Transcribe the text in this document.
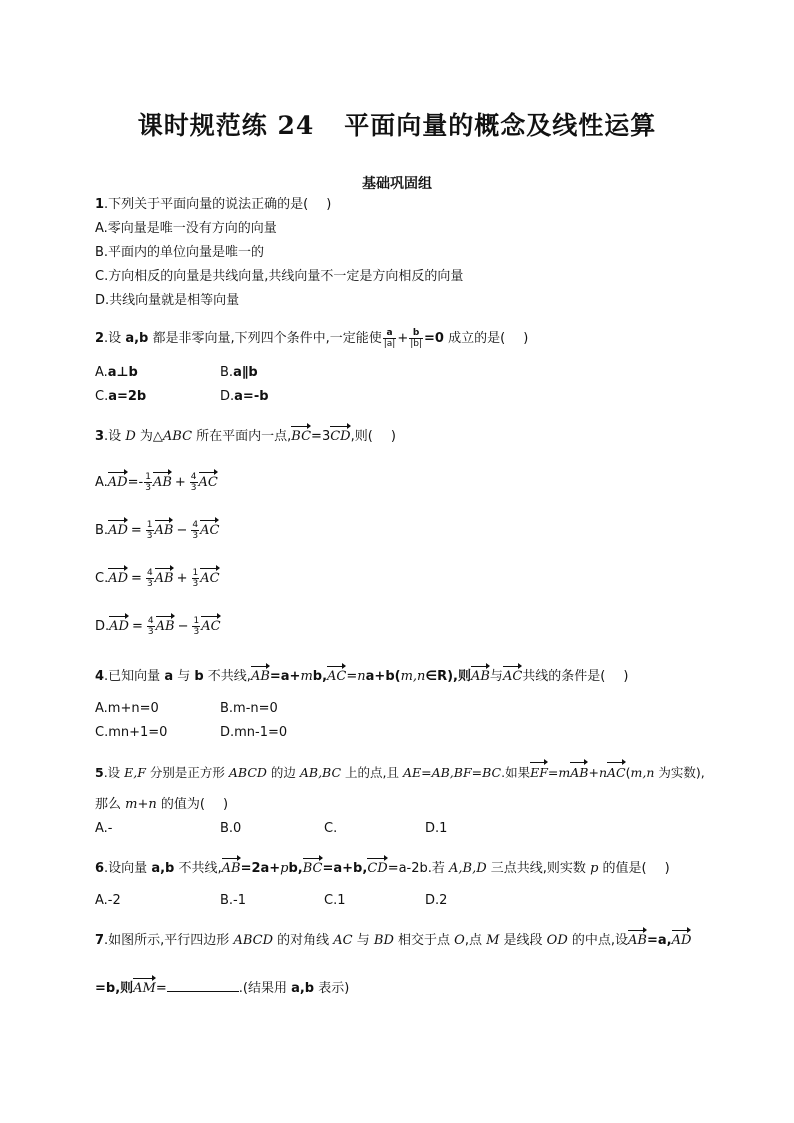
课时规范练 24 平面向量的概念及线性运算
基础巩固组
1.下列关于平面向量的说法正确的是( )
A.零向量是唯一没有方向的向量
B.平面内的单位向量是唯一的
C.方向相反的向量是共线向量,共线向量不一定是方向相反的向量
D.共线向量就是相等向量
2.设 a,b 都是非零向量,下列四个条件中,一定能使 $\frac{a}{|a|} + \frac{b}{|b|} =0$ 成立的是( )
A.a⊥b	B.a∥b
C.a=2b	D.a=-b
3.设 D 为△ABC 所在平面内一点,BC=3CD,则( )
$A.AD=- \frac{1}{3}$ AB + $\frac{4}{3}$ AC
$B.AD = \frac{1}{3}$ AB − $\frac{4}{3}$ AC
$C.AD = \frac{4}{3}$ AB + $\frac{1}{3}$ AC
$D.AD = \frac{4}{3}$ AB − $\frac{1}{3}$ AC
4.已知向量 a 与 b 不共线,AB=a+mb,AC=na+b(m,n∈R),则AB与AC共线的条件是( )
A.m+n=0	B.m-n=0
C.mn+1=0	D.mn-1=0
5.设 E,F 分别是正方形 ABCD 的边 AB,BC 上的点,且 AE=AB,BF=BC.如果EF=mAB+nAC(m,n 为实数),
那么 m+n 的值为( )
A.-	B.0	C.	D.1
6.设向量 a,b 不共线,AB=2a+pb,BC=a+b,CD=a-2b.若 A,B,D 三点共线,则实数 p 的值是( )
A.-2	B.-1	C.1	D.2
7.如图所示,平行四边形 ABCD 的对角线 AC 与 BD 相交于点 O,点 M 是线段 OD 的中点,设AB=a,AD
=b,则AM=	.(结果用 a,b 表示)
